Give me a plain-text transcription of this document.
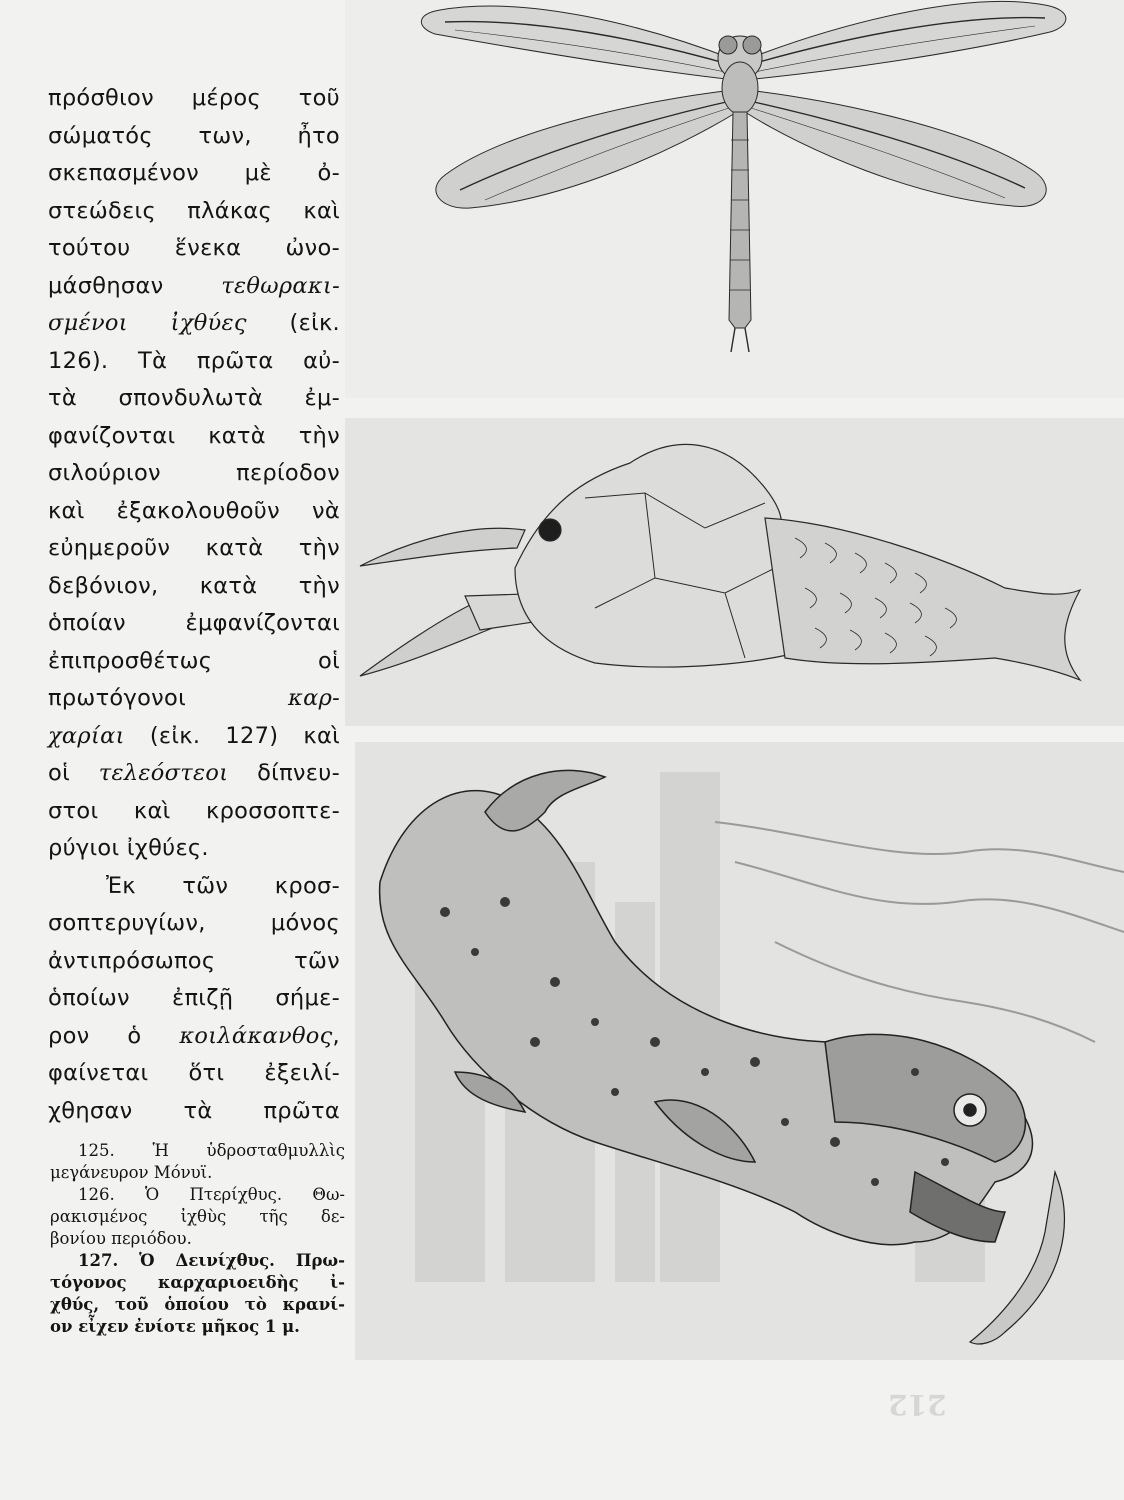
πρόσθιον μέρος τοῦ
σώματός των, ἦτο
σκεπασμένον μὲ ὀ-
στεώδεις πλάκας καὶ
τούτου ἕνεκα ὠνο-
μάσθησαν	τεθωρακι-
σμένοι ἰχθύες (εἰκ.
126). Τὰ πρῶτα αὐ-
τὰ σπονδυλωτὰ ἐμ-
φανίζονται κατὰ τὴν
σιλούριον περίοδον
καὶ ἐξακολουθοῦν νὰ
εὐημεροῦν κατὰ τὴν
δεβόνιον, κατὰ τὴν
ὁποίαν ἐμφανίζονται
ἐπιπροσθέτως οἱ
πρωτόγονοι	καρ-
χαρίαι (εἰκ. 127) καὶ
οἱ τελεόστεοι δίπνευ-
στοι καὶ κροσσοπτε-
ρύγιοι ἰχθύες.
Ἐκ τῶν κροσ-
σοπτερυγίων, μόνος
ἀντιπρόσωπος τῶν
ὁποίων ἐπιζῇ σήμε-
ρον ὁ κοιλάκανθος,
φαίνεται ὅτι ἐξειλί-
χθησαν τὰ πρῶτα
125. Ἡ ὑδροσταθμυλλὶς
μεγάνευρον Μόνυϊ.
126. Ὁ Πτερίχθυς. Θω-
ρακισμένος ἰχθὺς τῆς δε-
βονίου περιόδου.
127. Ὁ Δεινίχθυς. Πρω-
τόγονος καρχαριοειδὴς ἰ-
χθύς, τοῦ ὁποίου τὸ κρανί-
ον εἶχεν ἐνίοτε μῆκος 1 μ.
212
